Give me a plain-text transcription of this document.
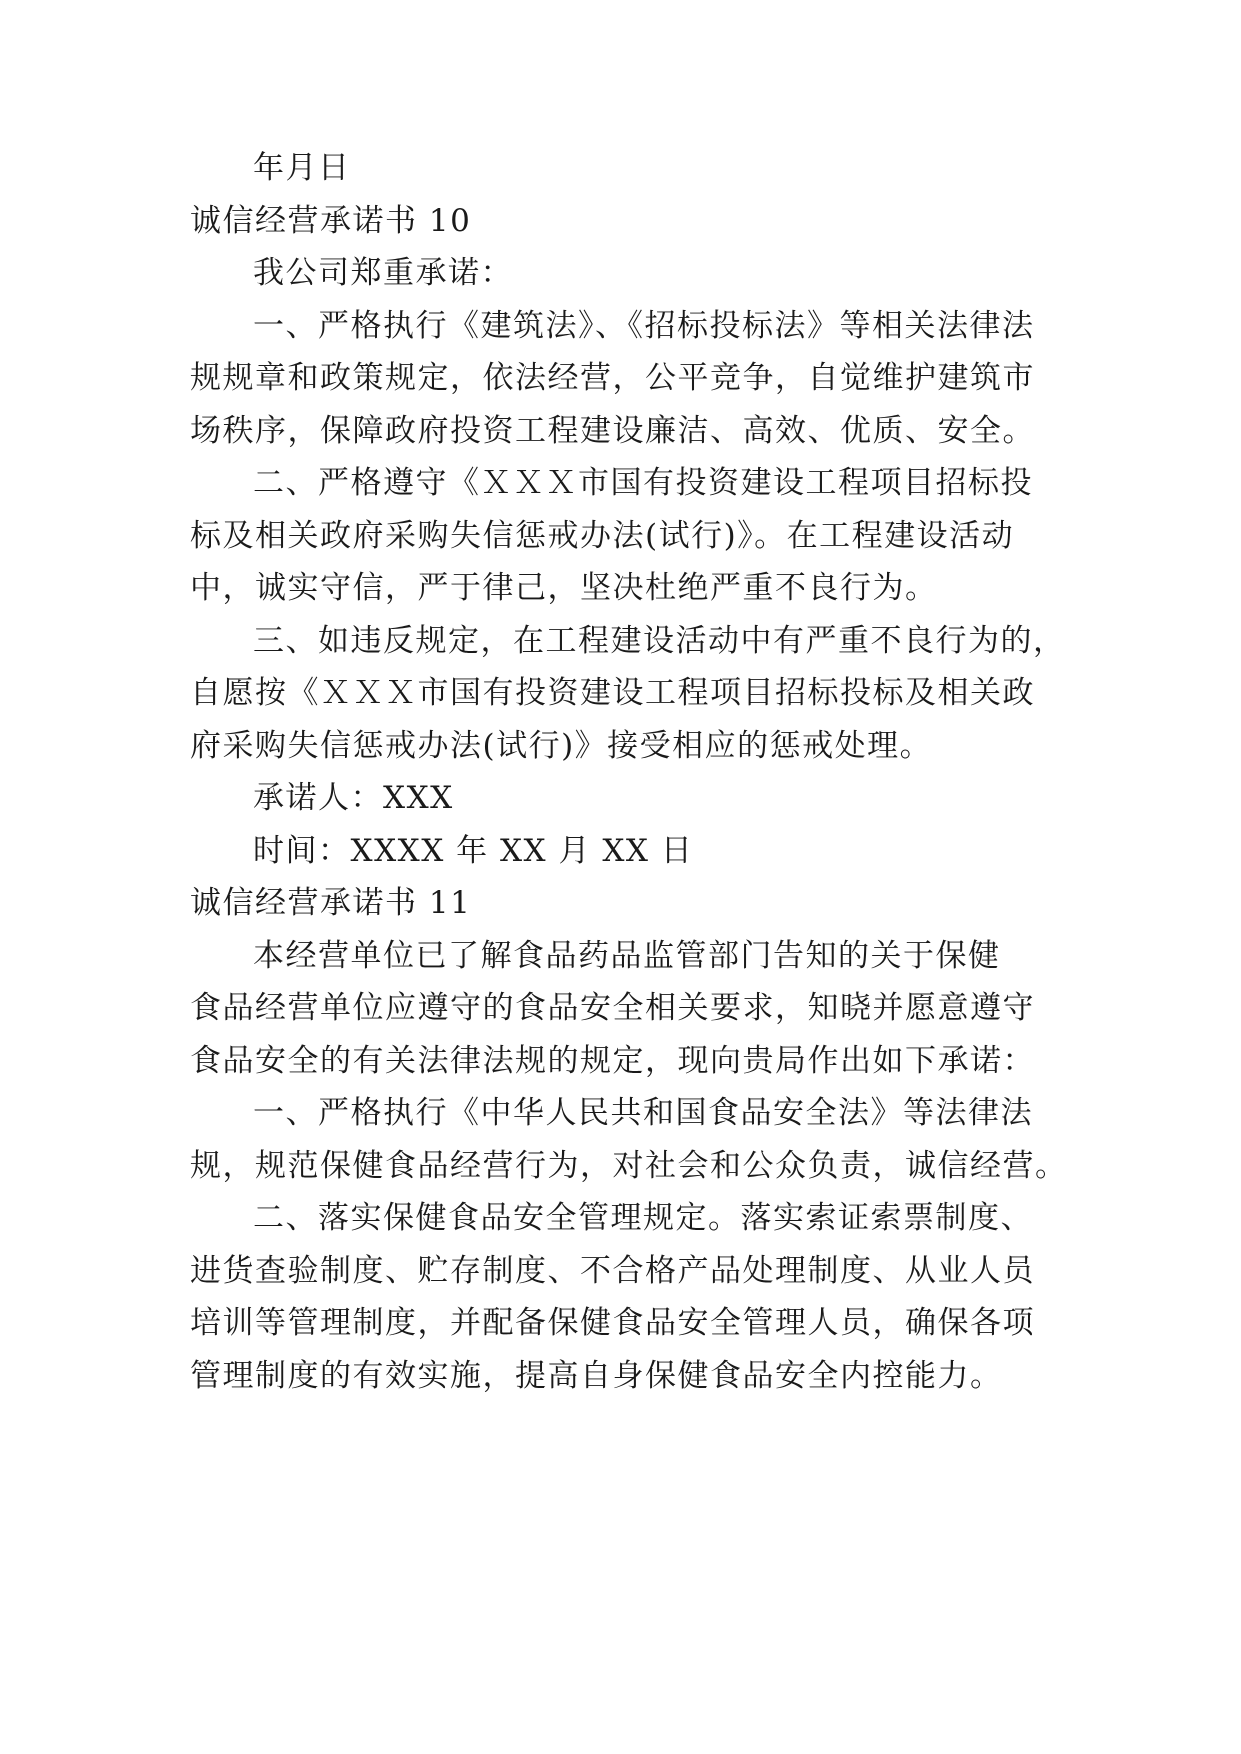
年月日
诚信经营承诺书 10
我公司郑重承诺：
一、严格执行《建筑法》、《招标投标法》等相关法律法
规规章和政策规定，依法经营，公平竞争，自觉维护建筑市
场秩序，保障政府投资工程建设廉洁、高效、优质、安全。
二、严格遵守《ＸＸＸ市国有投资建设工程项目招标投
标及相关政府采购失信惩戒办法(试行)》。在工程建设活动
中，诚实守信，严于律己，坚决杜绝严重不良行为。
三、如违反规定，在工程建设活动中有严重不良行为的，
自愿按《ＸＸＸ市国有投资建设工程项目招标投标及相关政
府采购失信惩戒办法(试行)》接受相应的惩戒处理。
承诺人：XXX
时间：XXXX 年 XX 月 XX 日
诚信经营承诺书 11
本经营单位已了解食品药品监管部门告知的关于保健
食品经营单位应遵守的食品安全相关要求，知晓并愿意遵守
食品安全的有关法律法规的规定，现向贵局作出如下承诺：
一、严格执行《中华人民共和国食品安全法》等法律法
规，规范保健食品经营行为，对社会和公众负责，诚信经营。
二、落实保健食品安全管理规定。落实索证索票制度、
进货查验制度、贮存制度、不合格产品处理制度、从业人员
培训等管理制度，并配备保健食品安全管理人员，确保各项
管理制度的有效实施，提高自身保健食品安全内控能力。
